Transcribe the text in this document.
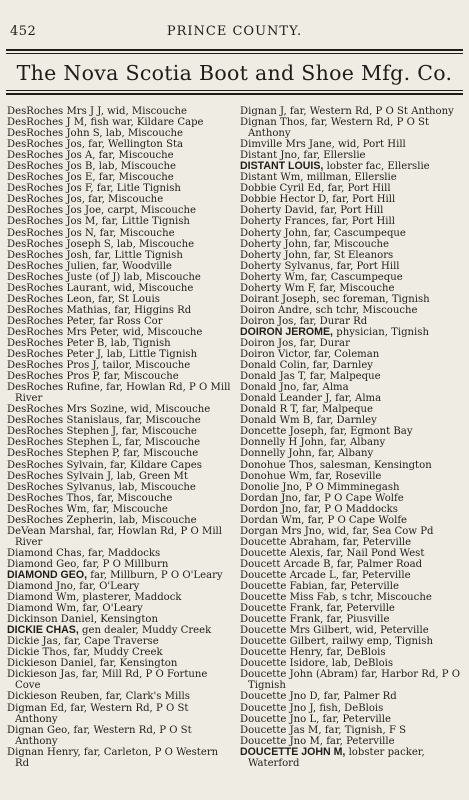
452	PRINCE COUNTY.
The Nova Scotia Boot and Shoe Mfg. Co.
DesRoches Mrs J J, wid, Miscouche
DesRoches J M, fish war, Kildare Cape
DesRoches John S, lab, Miscouche
DesRoches Jos, far, Wellington Sta
DesRoches Jos A, far, Miscouche
DesRoches Jos B, lab, Miscouche
DesRoches Jos E, far, Miscouche
DesRoches Jos F, far, Litle Tignish
DesRoches Jos, far, Miscouche
DesRoches Jos Joe, carpt, Miscouche
DesRoches Jos M, far, Little Tignish
DesRoches Jos N, far, Miscouche
DesRoches Joseph S, lab, Miscouche
DesRoches Josh, far, Little Tignish
DesRoches Julien, far, Woodville
DesRoches Juste (of J) lab, Miscouche
DesRoches Laurant, wid, Miscouche
DesRoches Leon, far, St Louis
DesRoches Mathias, far, Higgins Rd
DesRoches Peter, far Ross Cor
DesRoches Mrs Peter, wid, Miscouche
DesRoches Peter B, lab, Tignish
DesRoches Peter J, lab, Little Tignish
DesRoches Pros J, tailor, Miscouche
DesRoches Pros P, far, Miscouche
DesRoches Rufine, far, Howlan Rd, P O Mill River
DesRoches Mrs Sozine, wid, Miscouche
DesRoches Stanislaus, far, Miscouche
DesRoches Stephen J, far, Miscouche
DesRoches Stephen L, far, Miscouche
DesRoches Stephen P, far, Miscouche
DesRoches Sylvain, far, Kildare Capes
DesRoches Sylvain J, lab, Green Mt
DesRoches Sylvanus, lab, Miscouche
DesRoches Thos, far, Miscouche
DesRoches Wm, far, Miscouche
DesRoches Zepherin, lab, Miscouche
DeVean Marshal, far, Howlan Rd, P O Mill River
Diamond Chas, far, Maddocks
Diamond Geo, far, P O Millburn
DIAMOND GEO, far, Millburn, P O O'Leary
Diamond Jno, far, O'Leary
Diamond Wm, plasterer, Maddock
Diamond Wm, far, O'Leary
Dickinson Daniel, Kensington
DICKIE CHAS, gen dealer, Muddy Creek
Dickie Jas, far, Cape Traverse
Dickie Thos, far, Muddy Creek
Dickieson Daniel, far, Kensington
Dickieson Jas, far, Mill Rd, P O Fortune Cove
Dickieson Reuben, far, Clark's Mills
Digman Ed, far, Western Rd, P O St Anthony
Dignan Geo, far, Western Rd, P O St Anthony
Dignan Henry, far, Carleton, P O Western Rd
Dignan J, far, Western Rd, P O St Anthony
Dignan Thos, far, Western Rd, P O St Anthony
Dimville Mrs Jane, wid, Port Hill
Distant Jno, far, Ellerslie
DISTANT LOUIS, lobster fac, Ellerslie
Distant Wm, millman, Ellerslie
Dobbie Cyril Ed, far, Port Hill
Dobbie Hector D, far, Port Hill
Doherty David, far, Port Hill
Doherty Frances, far, Port Hill
Doherty John, far, Cascumpeque
Doherty John, far, Miscouche
Doherty John, far, St Eleanors
Doherty Sylvanus, far, Port Hill
Doherty Wm, far, Cascumpeque
Doherty Wm F, far, Miscouche
Doirant Joseph, sec foreman, Tignish
Doiron Andre, sch tchr, Miscouche
Doiron Jos, far, Durar Rd
DOIRON JEROME, physician, Tignish
Doiron Jos, far, Durar
Doiron Victor, far, Coleman
Donald Colin, far, Darnley
Donald Jas T, far, Malpeque
Donald Jno, far, Alma
Donald Leander J, far, Alma
Donald R T, far, Malpeque
Donald Wm B, far, Darnley
Doncette Joseph, far, Egmont Bay
Donnelly H John, far, Albany
Donnelly John, far, Albany
Donohue Thos, salesman, Kensington
Donohue Wm, far, Roseville
Donolie Jno, P O Mimminegash
Dordan Jno, far, P O Cape Wolfe
Dordon Jno, far, P O Maddocks
Dordan Wm, far, P O Cape Wolfe
Dorgan Mrs Jno, wid, far, Sea Cow Pd
Doucette Abraham, far, Peterville
Doucette Alexis, far, Nail Pond West
Doucett Arcade B, far, Palmer Road
Doucette Arcade L, far, Peterville
Doucette Fabian, far, Peterville
Doucette Miss Fab, s tchr, Miscouche
Doucette Frank, far, Peterville
Doucette Frank, far, Piusville
Doucette Mrs Gilbert, wid, Peterville
Doucette Gilbert, railwy emp, Tignish
Doucette Henry, far, DeBlois
Doucette Isidore, lab, DeBlois
Doucette John (Abram) far, Harbor Rd, P O Tignish
Doucette Jno D, far, Palmer Rd
Doucette Jno J, fish, DeBlois
Doucette Jno L, far, Peterville
Doucette Jas M, far, Tignish, F S
Doucette Jno M, far, Peterville
DOUCETTE JOHN M, lobster packer, Waterford
